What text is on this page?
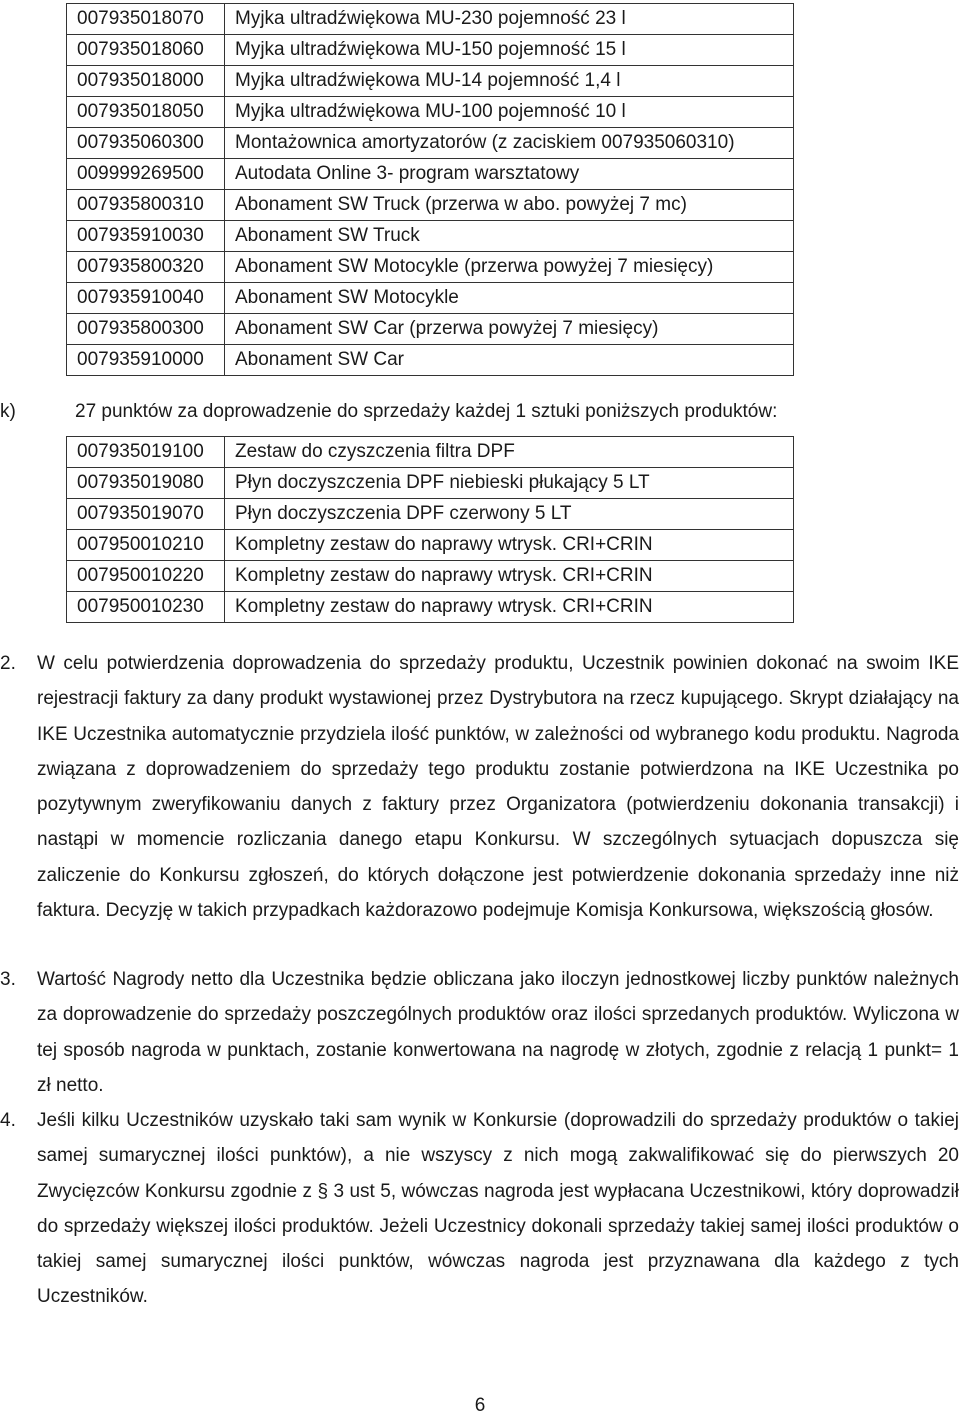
007935018070	Myjka ultradźwiękowa MU-230 pojemność 23 l
007935018060	Myjka ultradźwiękowa MU-150 pojemność 15 l
007935018000	Myjka ultradźwiękowa MU-14 pojemność 1,4 l
007935018050	Myjka ultradźwiękowa MU-100 pojemność 10 l
007935060300	Montażownica amortyzatorów (z zaciskiem 007935060310)
009999269500	Autodata Online 3- program warsztatowy
007935800310	Abonament SW Truck (przerwa w abo. powyżej 7 mc)
007935910030	Abonament SW Truck
007935800320	Abonament SW Motocykle (przerwa powyżej 7 miesięcy)
007935910040	Abonament SW Motocykle
007935800300	Abonament SW Car (przerwa powyżej 7 miesięcy)
007935910000	Abonament SW Car
k)	27 punktów za doprowadzenie do sprzedaży każdej 1 sztuki poniższych produktów:
007935019100	Zestaw do czyszczenia filtra DPF
007935019080	Płyn doczyszczenia DPF niebieski płukający 5 LT
007935019070	Płyn doczyszczenia DPF czerwony 5 LT
007950010210	Kompletny zestaw do naprawy wtrysk. CRI+CRIN
007950010220	Kompletny zestaw do naprawy wtrysk. CRI+CRIN
007950010230	Kompletny zestaw do naprawy wtrysk. CRI+CRIN
2. W celu potwierdzenia doprowadzenia do sprzedaży produktu, Uczestnik powinien dokonać na swoim IKE rejestracji faktury za dany produkt wystawionej przez Dystrybutora na rzecz kupującego. Skrypt działający na IKE Uczestnika automatycznie przydziela ilość punktów, w zależności od wybranego kodu produktu. Nagroda związana z doprowadzeniem do sprzedaży tego produktu zostanie potwierdzona na IKE Uczestnika po pozytywnym zweryfikowaniu danych z faktury przez Organizatora (potwierdzeniu dokonania transakcji) i nastąpi w momencie rozliczania danego etapu Konkursu. W szczególnych sytuacjach dopuszcza się zaliczenie do Konkursu zgłoszeń, do których dołączone jest potwierdzenie dokonania sprzedaży inne niż faktura. Decyzję w takich przypadkach każdorazowo podejmuje Komisja Konkursowa, większością głosów.
3. Wartość Nagrody netto dla Uczestnika będzie obliczana jako iloczyn jednostkowej liczby punktów należnych za doprowadzenie do sprzedaży poszczególnych produktów oraz ilości sprzedanych produktów. Wyliczona w tej sposób nagroda w punktach, zostanie konwertowana na nagrodę w złotych, zgodnie z relacją 1 punkt= 1 zł netto.
4. Jeśli kilku Uczestników uzyskało taki sam wynik w Konkursie (doprowadzili do sprzedaży produktów o takiej samej sumarycznej ilości punktów), a nie wszyscy z nich mogą zakwalifikować się do pierwszych 20 Zwycięzców Konkursu zgodnie z § 3 ust 5, wówczas nagroda jest wypłacana Uczestnikowi, który doprowadził do sprzedaży większej ilości produktów. Jeżeli Uczestnicy dokonali sprzedaży takiej samej ilości produktów o takiej samej sumarycznej ilości punktów, wówczas nagroda jest przyznawana dla każdego z tych Uczestników.
6
